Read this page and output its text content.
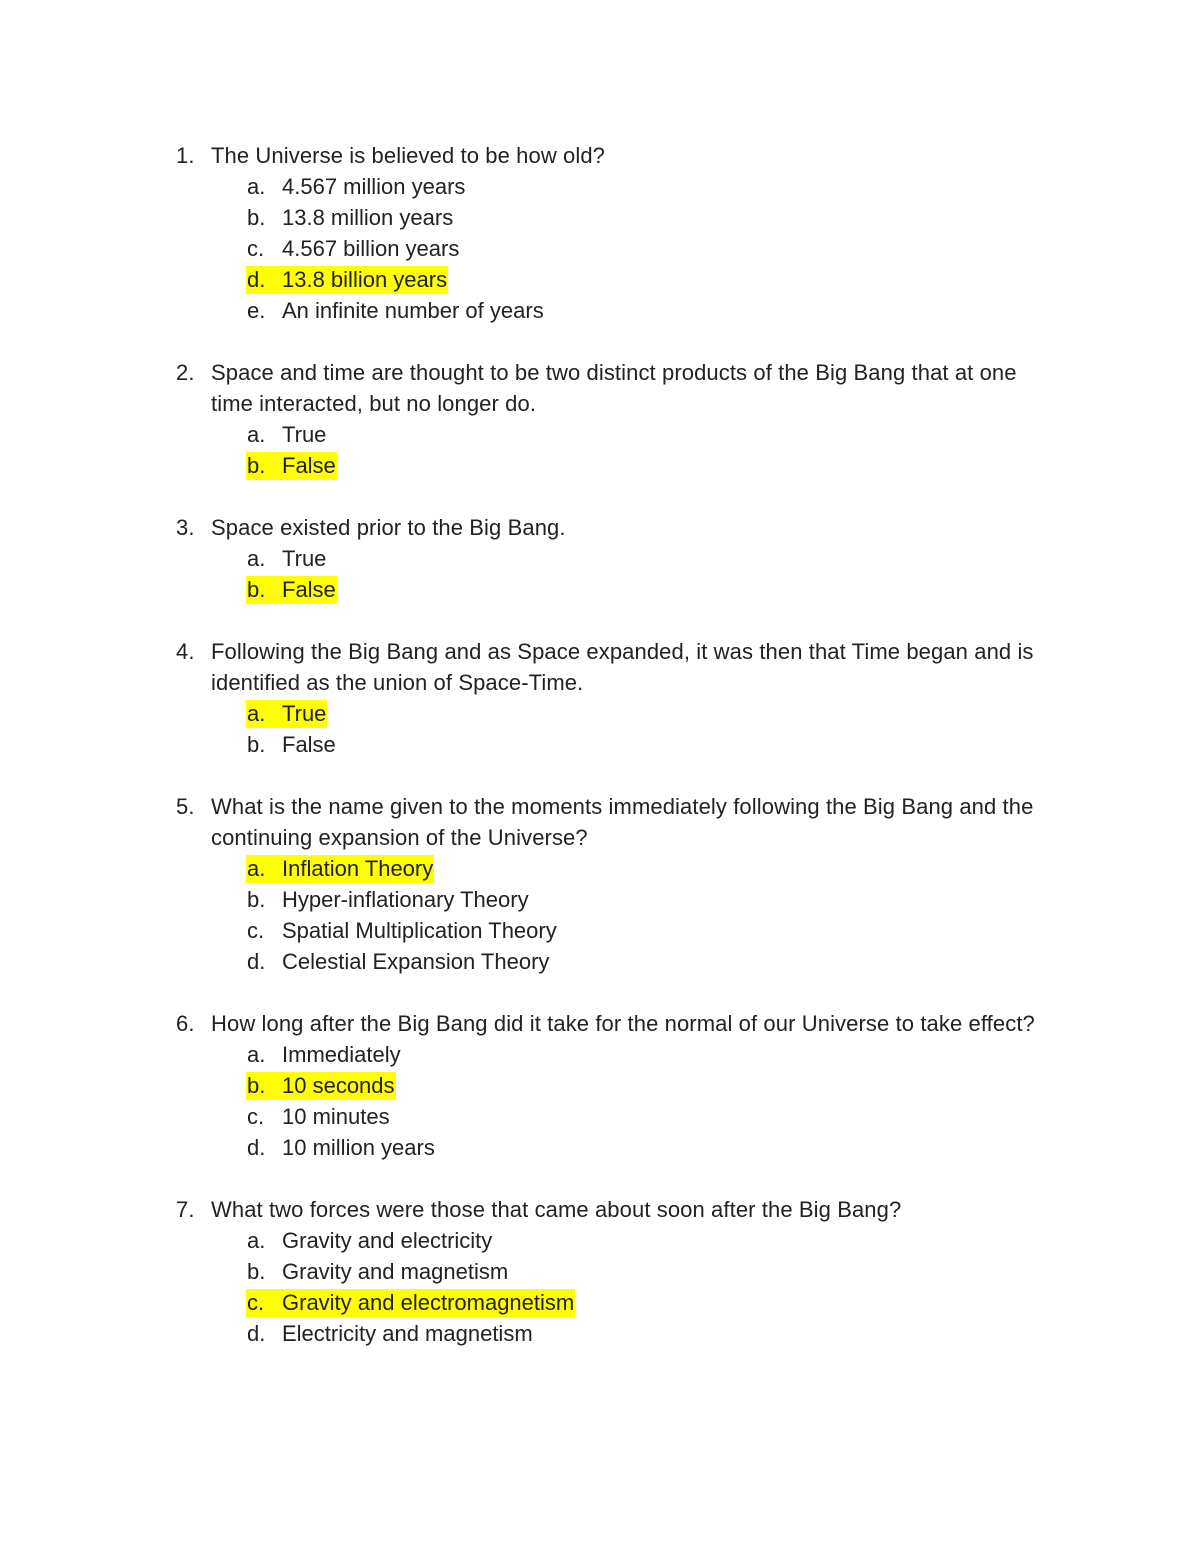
1. The Universe is believed to be how old?
a. 4.567 million years
b. 13.8 million years
c. 4.567 billion years
d. 13.8 billion years
e. An infinite number of years
2. Space and time are thought to be two distinct products of the Big Bang that at one time interacted, but no longer do.
a. True
b. False
3. Space existed prior to the Big Bang.
a. True
b. False
4. Following the Big Bang and as Space expanded, it was then that Time began and is identified as the union of Space-Time.
a. True
b. False
5. What is the name given to the moments immediately following the Big Bang and the continuing expansion of the Universe?
a. Inflation Theory
b. Hyper-inflationary Theory
c. Spatial Multiplication Theory
d. Celestial Expansion Theory
6. How long after the Big Bang did it take for the normal of our Universe to take effect?
a. Immediately
b. 10 seconds
c. 10 minutes
d. 10 million years
7. What two forces were those that came about soon after the Big Bang?
a. Gravity and electricity
b. Gravity and magnetism
c. Gravity and electromagnetism
d. Electricity and magnetism
